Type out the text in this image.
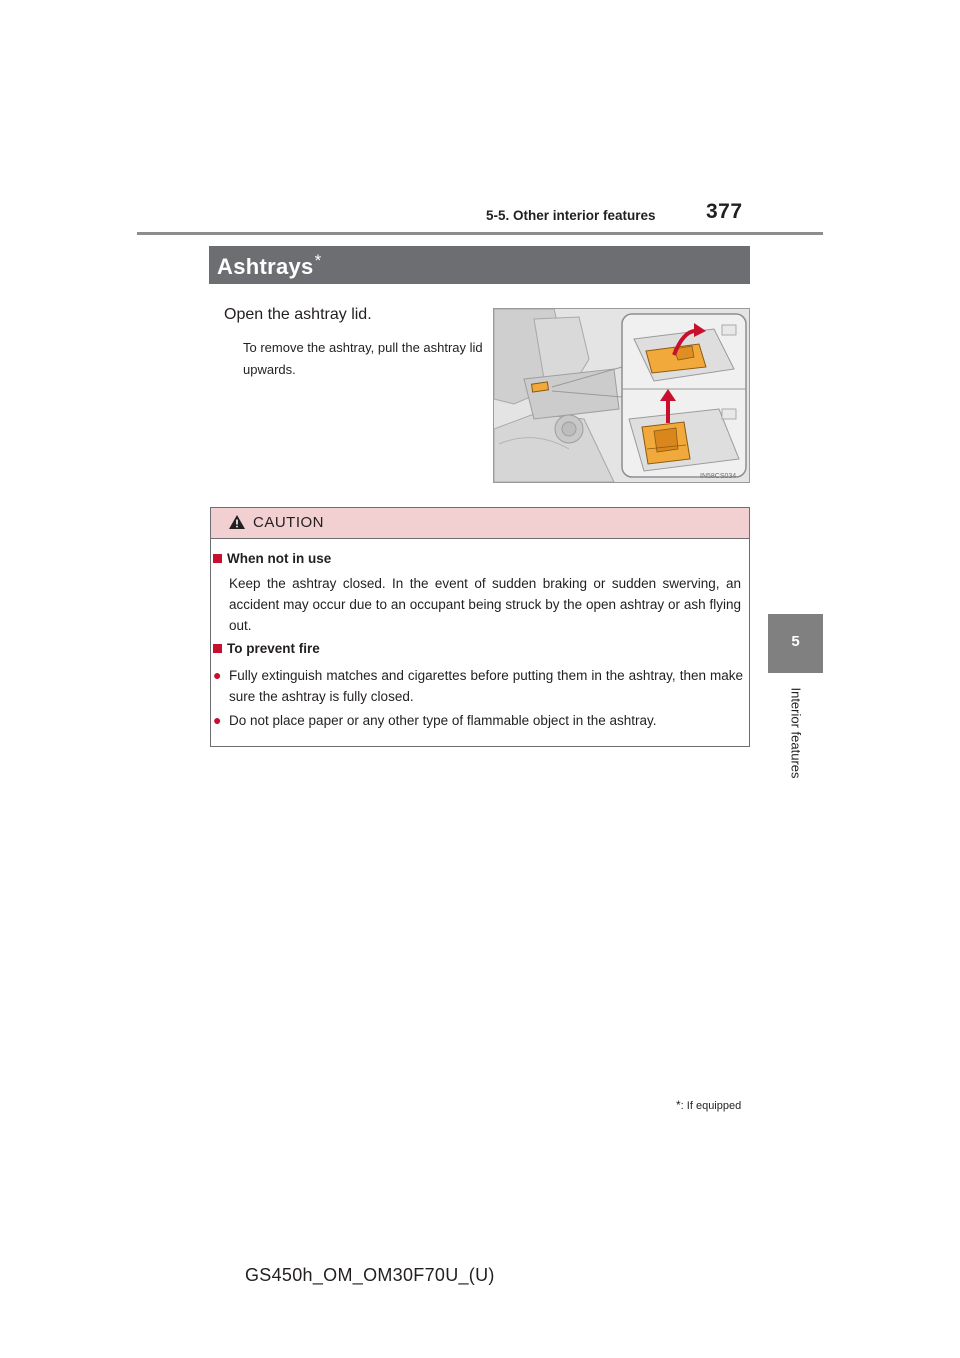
5-5. Other interior features 377
5
Interior features
Ashtrays*
Open the ashtray lid.
To remove the ashtray, pull the ashtray lid upwards.
IN58CS034
CAUTION
When not in use
Keep the ashtray closed. In the event of sudden braking or sudden swerving, an accident may occur due to an occupant being struck by the open ashtray or ash flying out.
To prevent fire
● Fully extinguish matches and cigarettes before putting them in the ashtray, then make sure the ashtray is fully closed.
● Do not place paper or any other type of flammable object in the ashtray.
*: If equipped
GS450h_OM_OM30F70U_(U)
